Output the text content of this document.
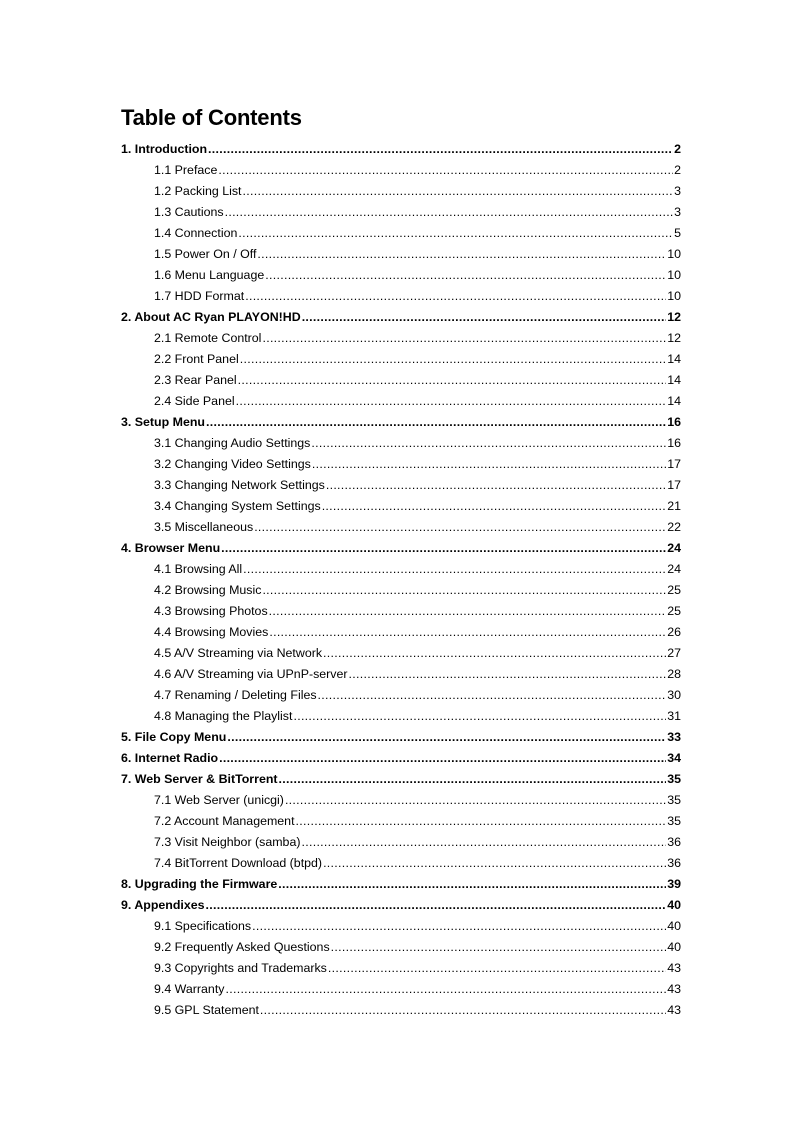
Table of Contents
1. Introduction .....	2
1.1 Preface .....	2
1.2 Packing List .....	3
1.3 Cautions .....	3
1.4 Connection .....	5
1.5 Power On / Off .....	10
1.6 Menu Language .....	10
1.7 HDD Format .....	10
2. About AC Ryan PLAYON!HD .....	12
2.1 Remote Control .....	12
2.2 Front Panel .....	14
2.3 Rear Panel .....	14
2.4 Side Panel .....	14
3. Setup Menu .....	16
3.1 Changing Audio Settings .....	16
3.2 Changing Video Settings .....	17
3.3 Changing Network Settings .....	17
3.4 Changing System Settings .....	21
3.5 Miscellaneous .....	22
4. Browser Menu .....	24
4.1 Browsing All .....	24
4.2 Browsing Music .....	25
4.3 Browsing Photos .....	25
4.4 Browsing Movies .....	26
4.5 A/V Streaming via Network .....	27
4.6 A/V Streaming via UPnP-server .....	28
4.7 Renaming / Deleting Files .....	30
4.8 Managing the Playlist .....	31
5. File Copy Menu .....	33
6. Internet Radio .....	34
7. Web Server & BitTorrent .....	35
7.1 Web Server (unicgi) .....	35
7.2 Account Management .....	35
7.3 Visit Neighbor (samba) .....	36
7.4 BitTorrent Download (btpd) .....	36
8. Upgrading the Firmware .....	39
9. Appendixes .....	40
9.1 Specifications .....	40
9.2 Frequently Asked Questions .....	40
9.3 Copyrights and Trademarks .....	43
9.4 Warranty .....	43
9.5 GPL Statement .....	43
